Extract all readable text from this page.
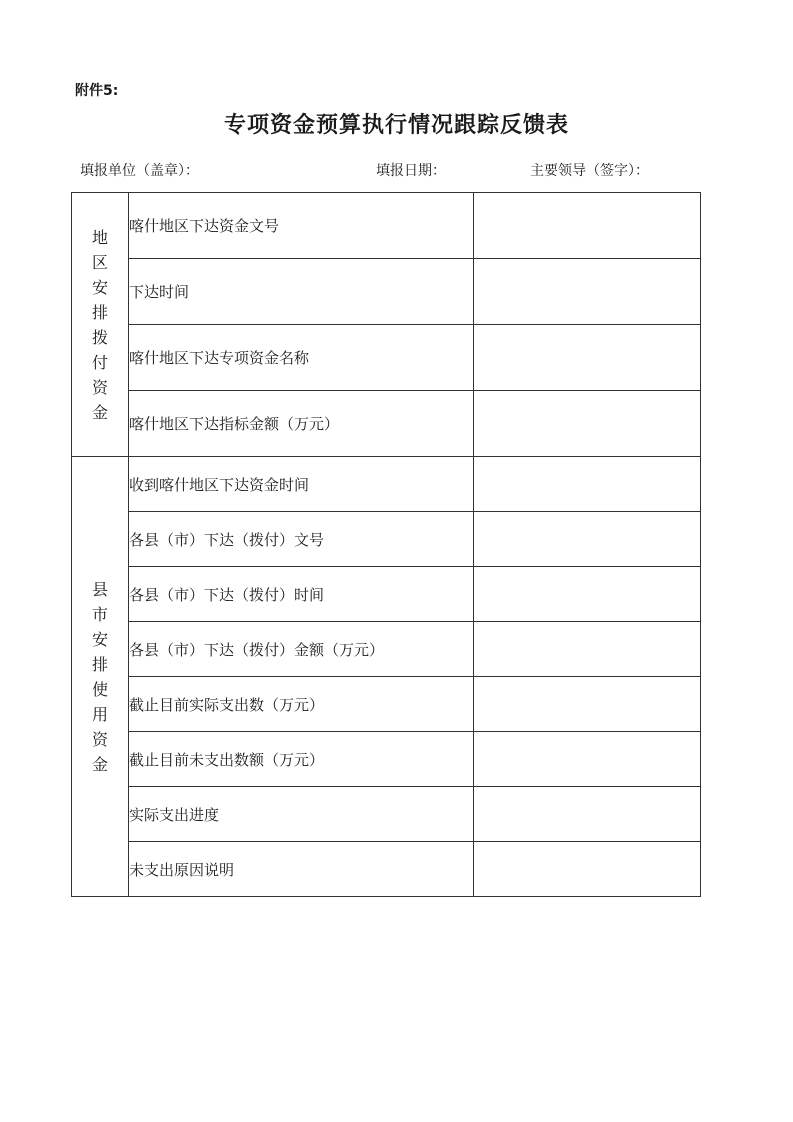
附件5:
专项资金预算执行情况跟踪反馈表
填报单位（盖章）：	填报日期：	主要领导（签字）：
地区安排拨付资金	喀什地区下达资金文号	
	下达时间	
	喀什地区下达专项资金名称	
	喀什地区下达指标金额（万元）	
县市安排使用资金	收到喀什地区下达资金时间	
	各县（市）下达（拨付）文号	
	各县（市）下达（拨付）时间	
	各县（市）下达（拨付）金额（万元）	
	截止目前实际支出数（万元）	
	截止目前未支出数额（万元）	
	实际支出进度	
	未支出原因说明	
